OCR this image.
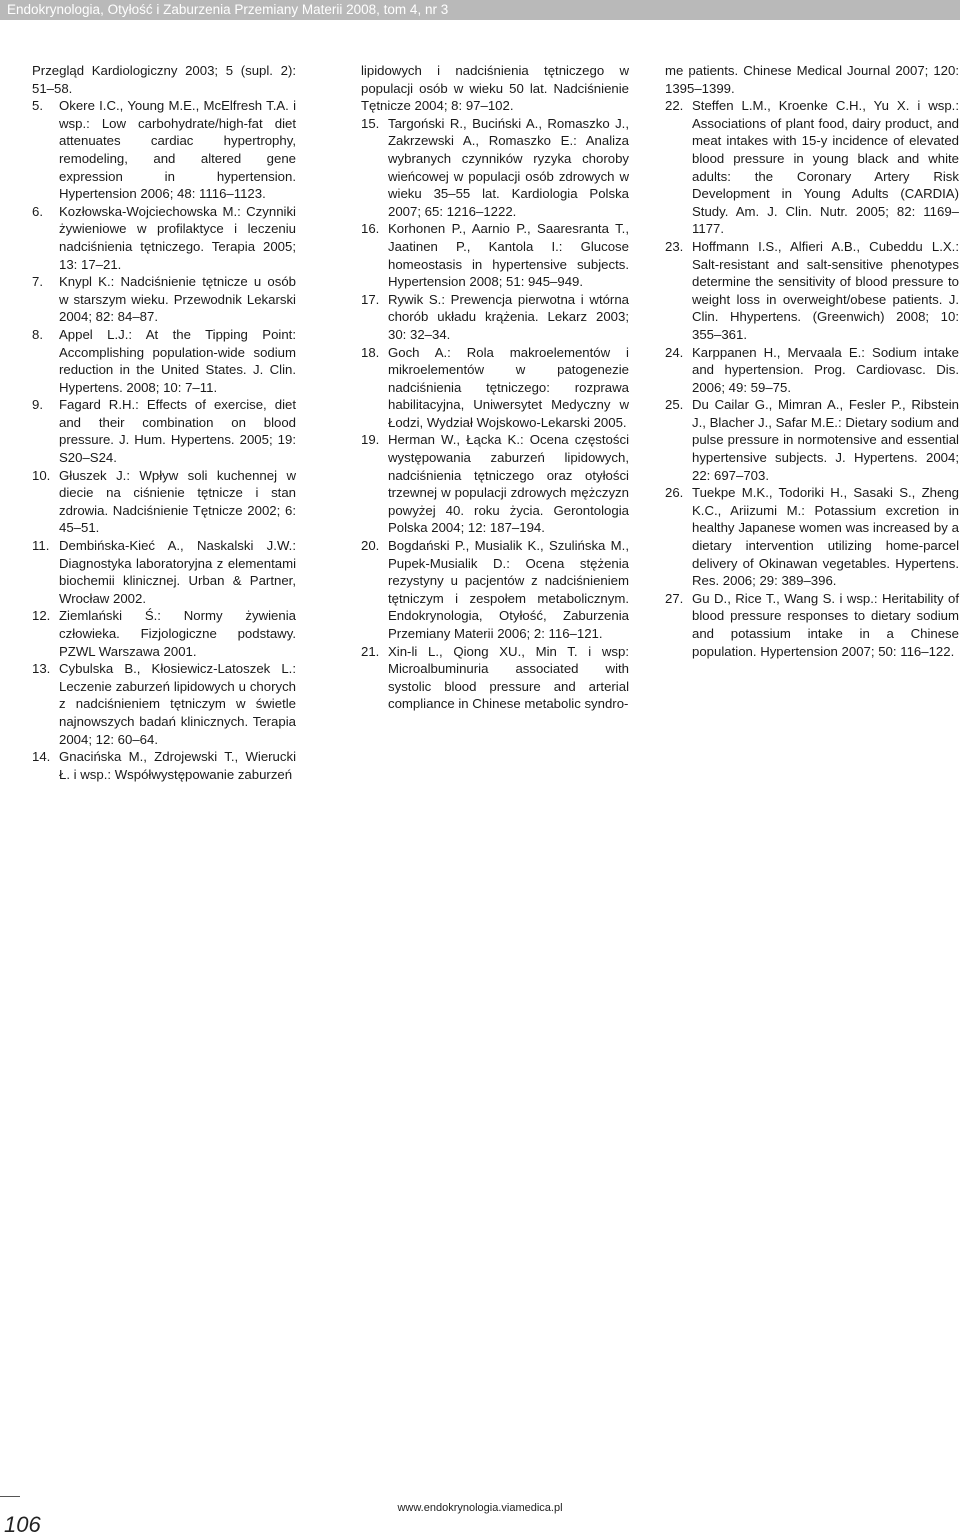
Endokrynologia, Otyłość i Zaburzenia Przemiany Materii 2008, tom 4, nr 3
Przegląd Kardiologiczny 2003; 5 (supl. 2): 51–58.
5. Okere I.C., Young M.E., McElfresh T.A. i wsp.: Low carbohydrate/high-fat diet attenuates cardiac hypertrophy, remodeling, and altered gene expression in hypertension. Hypertension 2006; 48: 1116–1123.
6. Kozłowska-Wojciechowska M.: Czynniki żywieniowe w profilaktyce i leczeniu nadciśnienia tętniczego. Terapia 2005; 13: 17–21.
7. Knypl K.: Nadciśnienie tętnicze u osób w starszym wieku. Przewodnik Lekarski 2004; 82: 84–87.
8. Appel L.J.: At the Tipping Point: Accomplishing population-wide sodium reduction in the United States. J. Clin. Hypertens. 2008; 10: 7–11.
9. Fagard R.H.: Effects of exercise, diet and their combination on blood pressure. J. Hum. Hypertens. 2005; 19: S20–S24.
10. Głuszek J.: Wpływ soli kuchennej w diecie na ciśnienie tętnicze i stan zdrowia. Nadciśnienie Tętnicze 2002; 6: 45–51.
11. Dembińska-Kieć A., Naskalski J.W.: Diagnostyka laboratoryjna z elementami biochemii klinicznej. Urban & Partner, Wrocław 2002.
12. Ziemlański Ś.: Normy żywienia człowieka. Fizjologiczne podstawy. PZWL Warszawa 2001.
13. Cybulska B., Kłosiewicz-Latoszek L.: Leczenie zaburzeń lipidowych u chorych z nadciśnieniem tętniczym w świetle najnowszych badań klinicznych. Terapia 2004; 12: 60–64.
14. Gnacińska M., Zdrojewski T., Wierucki Ł. i wsp.: Współwystępowanie zaburzeń
lipidowych i nadciśnienia tętniczego w populacji osób w wieku 50 lat. Nadciśnienie Tętnicze 2004; 8: 97–102.
15. Targoński R., Buciński A., Romaszko J., Zakrzewski A., Romaszko E.: Analiza wybranych czynników ryzyka choroby wieńcowej w populacji osób zdrowych w wieku 35–55 lat. Kardiologia Polska 2007; 65: 1216–1222.
16. Korhonen P., Aarnio P., Saaresranta T., Jaatinen P., Kantola I.: Glucose homeostasis in hypertensive subjects. Hypertension 2008; 51: 945–949.
17. Rywik S.: Prewencja pierwotna i wtórna chorób układu krążenia. Lekarz 2003; 30: 32–34.
18. Goch A.: Rola makroelementów i mikroelementów w patogenezie nadciśnienia tętniczego: rozprawa habilitacyjna, Uniwersytet Medyczny w Łodzi, Wydział Wojskowo-Lekarski 2005.
19. Herman W., Łącka K.: Ocena częstości występowania zaburzeń lipidowych, nadciśnienia tętniczego oraz otyłości trzewnej w populacji zdrowych mężczyzn powyżej 40. roku życia. Gerontologia Polska 2004; 12: 187–194.
20. Bogdański P., Musialik K., Szulińska M., Pupek-Musialik D.: Ocena stężenia rezystyny u pacjentów z nadciśnieniem tętniczym i zespołem metabolicznym. Endokrynologia, Otyłość, Zaburzenia Przemiany Materii 2006; 2: 116–121.
21. Xin-li L., Qiong XU., Min T. i wsp: Microalbuminuria associated with systolic blood pressure and arterial compliance in Chinese metabolic syndro-
me patients. Chinese Medical Journal 2007; 120: 1395–1399.
22. Steffen L.M., Kroenke C.H., Yu X. i wsp.: Associations of plant food, dairy product, and meat intakes with 15-y incidence of elevated blood pressure in young black and white adults: the Coronary Artery Risk Development in Young Adults (CARDIA) Study. Am. J. Clin. Nutr. 2005; 82: 1169–1177.
23. Hoffmann I.S., Alfieri A.B., Cubeddu L.X.: Salt-resistant and salt-sensitive phenotypes determine the sensitivity of blood pressure to weight loss in overweight/obese patients. J. Clin. Hhypertens. (Greenwich) 2008; 10: 355–361.
24. Karppanen H., Mervaala E.: Sodium intake and hypertension. Prog. Cardiovasc. Dis. 2006; 49: 59–75.
25. Du Cailar G., Mimran A., Fesler P., Ribstein J., Blacher J., Safar M.E.: Dietary sodium and pulse pressure in normotensive and essential hypertensive subjects. J. Hypertens. 2004; 22: 697–703.
26. Tuekpe M.K., Todoriki H., Sasaki S., Zheng K.C., Ariizumi M.: Potassium excretion in healthy Japanese women was increased by a dietary intervention utilizing home-parcel delivery of Okinawan vegetables. Hypertens. Res. 2006; 29: 389–396.
27. Gu D., Rice T., Wang S. i wsp.: Heritability of blood pressure responses to dietary sodium and potassium intake in a Chinese population. Hypertension 2007; 50: 116–122.
www.endokrynologia.viamedica.pl
106
